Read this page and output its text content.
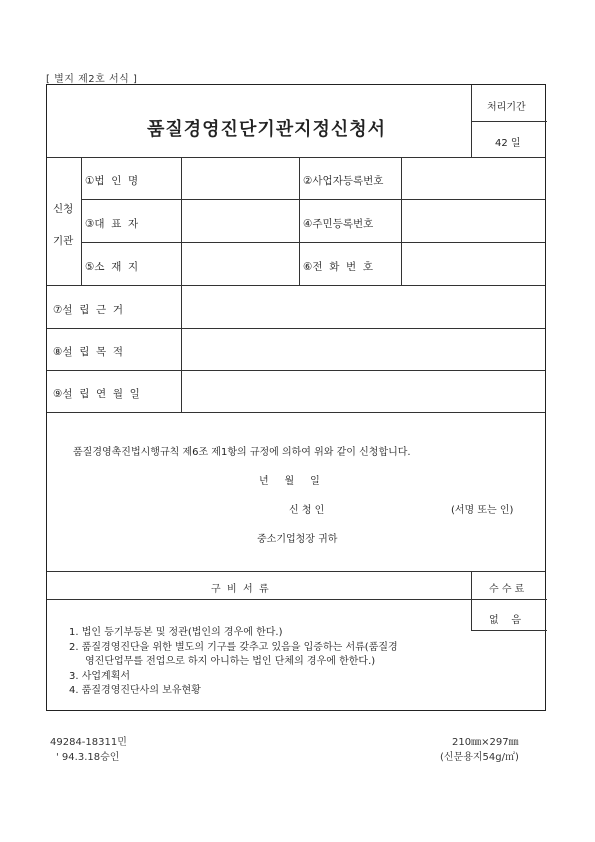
[ 별지 제2호 서식 ]
품질경영진단기관지정신청서
처리기간
42 일
신청
기관
①법  인  명	②사업자등록번호
③대  표  자	④주민등록번호
⑤소  재  지	⑥전  화  번  호
⑦설  립  근  거
⑧설  립  목  적
⑨설  립  연  월  일
품질경영촉진법시행규칙 제6조 제1항의 규정에 의하여 위와 같이 신청합니다.
년     월     일
신 청 인	(서명 또는 인)
중소기업청장 귀하
구  비  서  류	수 수 료
없    음
1. 법인 등기부등본 및 정관(법인의 경우에 한다.)
2. 품질경영진단을 위한 별도의 기구를 갖추고 있음을 입증하는 서류(품질경
영진단업무를 전업으로 하지 아니하는 법인 단체의 경우에 한한다.)
3. 사업계획서
4. 품질경영진단사의 보유현황
49284-18311민
' 94.3.18승인
210㎜×297㎜
(신문용지54g/㎡)
